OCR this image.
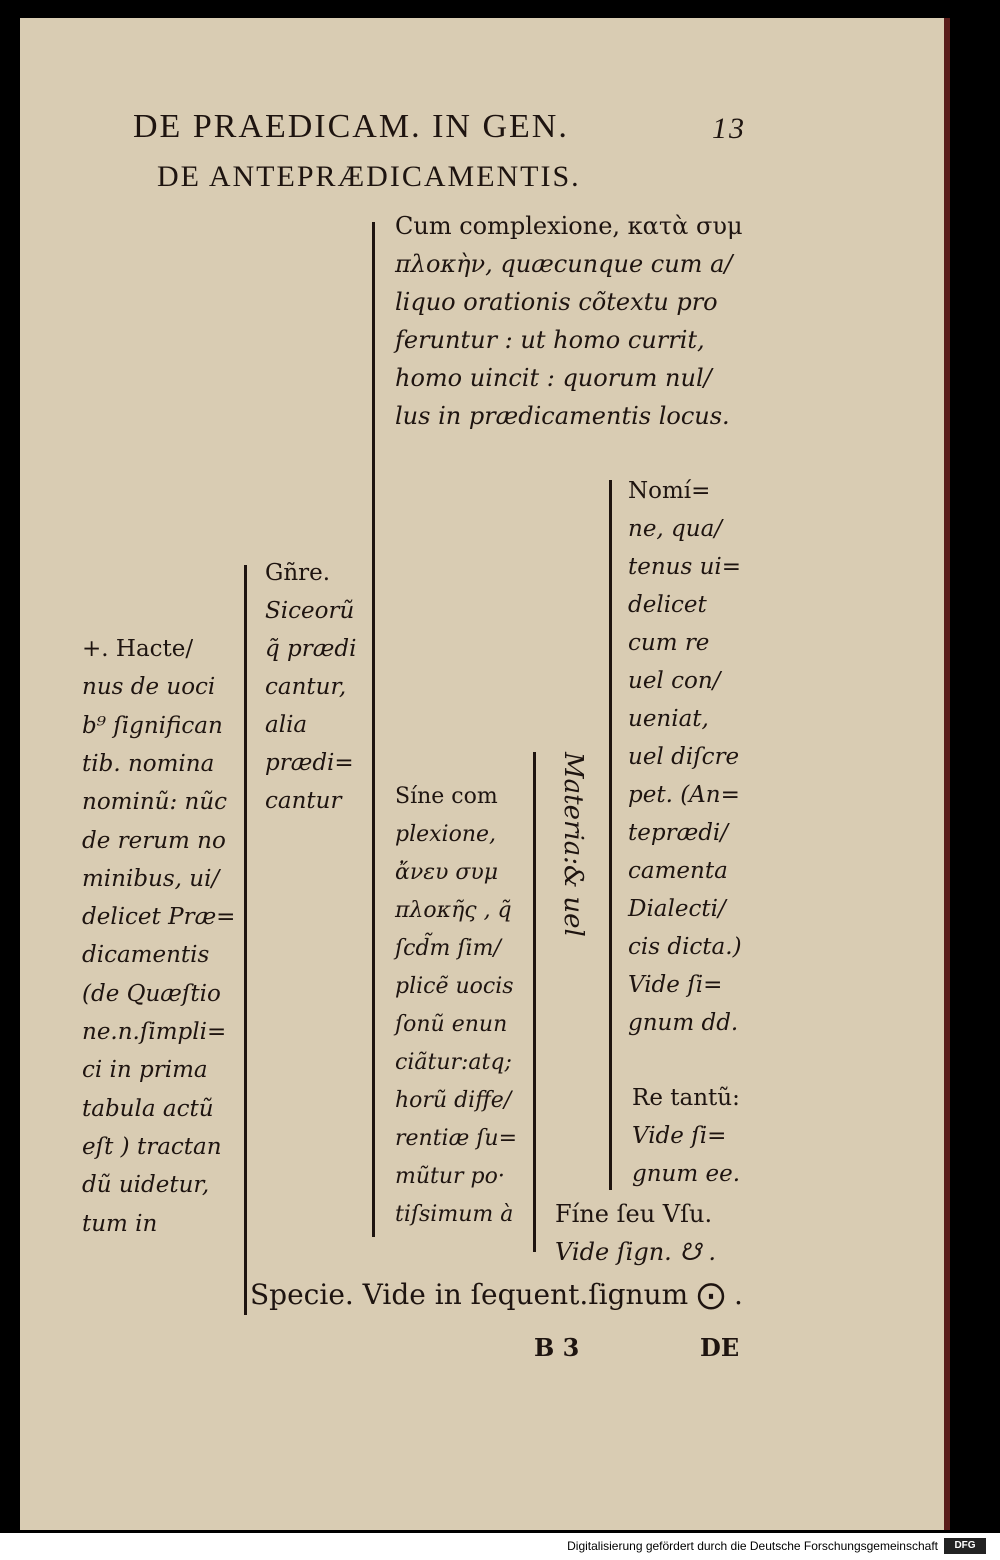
DE PRAEDICAM. IN GEN.	13
DE ANTEPRÆDICAMENTIS.
+. Hacte/
nus de uoci
b⁹ ſignifican
tib. nomina
nominũ: nũc
de rerum no
minibus, ui/
delicet Præ=
dicamentis
(de Quæſtio
ne.n.ſimpli=
ci in prima
tabula actũ
eſt ) tractan
dũ uidetur,
tum in
Gñre.
Siceorũ
q̃ prædi
cantur,
alia
prædi=
cantur
Cum complexione, κατὰ συμ
πλοκὴν, quæcunque cum a/
liquo orationis cõtextu pro
feruntur : ut homo currit,
homo uincit : quorum nul/
lus in prædicamentis locus.
Síne com
plexione,
ἄνευ συμ
πλοκῆς , q̃
ſcd̃m ſim/
plicẽ uocis
ſonũ enun
ciãtur:atq;
horũ diffe/
rentiæ ſu=
mũtur po·
tiſsimum à
Nomí=
ne, qua/
tenus ui=
delicet
cum re
uel con/
ueniat,
uel diſcre
pet. (An=
teprædi/
camenta
Dialecti/
cis dicta.)
Vide ſi=
gnum dd.
Re tantũ:
Vide ſi=
gnum ee.
Fíne ſeu Vſu.
Vide ſign. ☋ .
Materia:& uel
Specie. Vide in ſequent.ſignum ⨀ .
B 3	DE
Digitalisierung gefördert durch die Deutsche Forschungsgemeinschaft	DFG
